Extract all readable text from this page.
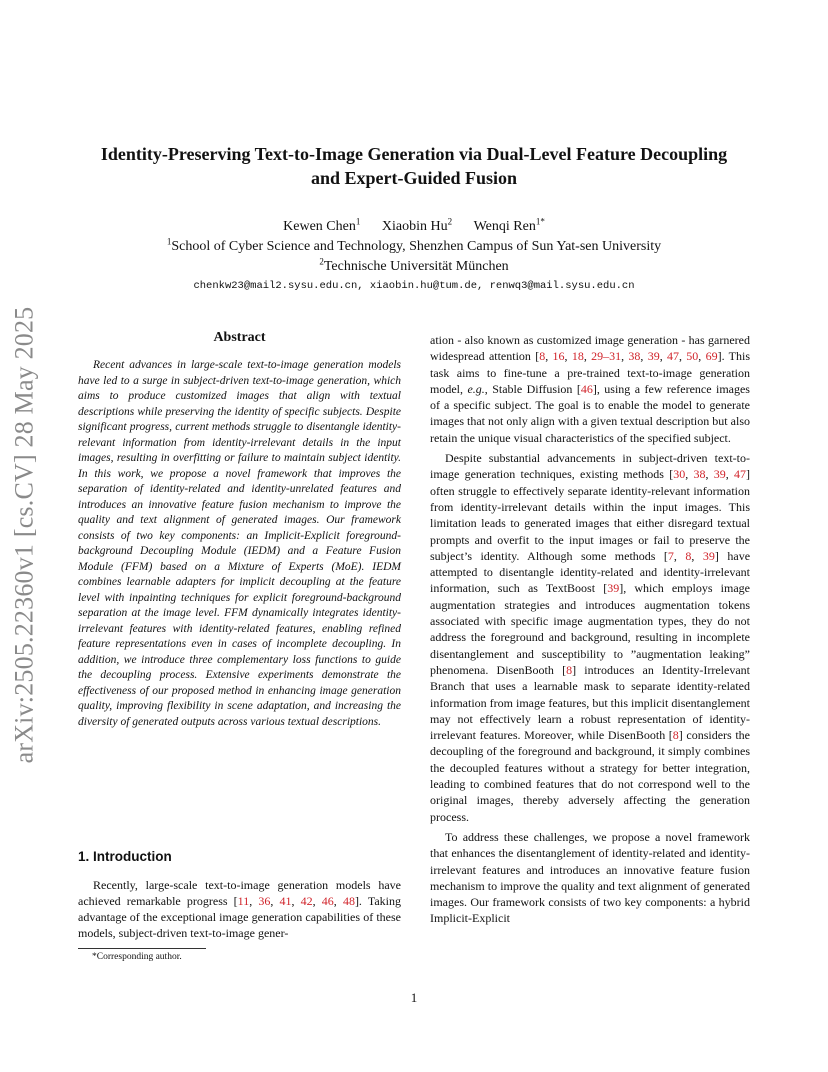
arXiv:2505.22360v1 [cs.CV] 28 May 2025
Identity-Preserving Text-to-Image Generation via Dual-Level Feature Decoupling and Expert-Guided Fusion
Kewen Chen$^1$ Xiaobin Hu$^2$ Wenqi Ren$^{1*}$
$^1$School of Cyber Science and Technology, Shenzhen Campus of Sun Yat-sen University
$^2$Technische Universität München
chenkw23@mail2.sysu.edu.cn, xiaobin.hu@tum.de, renwq3@mail.sysu.edu.cn
Abstract

Recent advances in large-scale text-to-image generation models have led to a surge in subject-driven text-to-image generation, which aims to produce customized images that align with textual descriptions while preserving the identity of specific subjects. Despite significant progress, current methods struggle to disentangle identity-relevant information from identity-irrelevant details in the input images, resulting in overfitting or failure to maintain subject identity. In this work, we propose a novel framework that improves the separation of identity-related and identity-unrelated features and introduces an innovative feature fusion mechanism to improve the quality and text alignment of generated images. Our framework consists of two key components: an Implicit-Explicit foreground-background Decoupling Module (IEDM) and a Feature Fusion Module (FFM) based on a Mixture of Experts (MoE). IEDM combines learnable adapters for implicit decoupling at the feature level with inpainting techniques for explicit foreground-background separation at the image level. FFM dynamically integrates identity-irrelevant features with identity-related features, enabling refined feature representations even in cases of incomplete decoupling. In addition, we introduce three complementary loss functions to guide the decoupling process. Extensive experiments demonstrate the effectiveness of our proposed method in enhancing image generation quality, improving flexibility in scene adaptation, and increasing the diversity of generated outputs across various textual descriptions.

1. Introduction

Recently, large-scale text-to-image generation models have achieved remarkable progress [11, 36, 41, 42, 46, 48]. Taking advantage of the exceptional image generation capabilities of these models, subject-driven text-to-image gener-

*Corresponding author.

ation - also known as customized image generation - has garnered widespread attention [8, 16, 18, 29–31, 38, 39, 47, 50, 69]. This task aims to fine-tune a pre-trained text-to-image generation model, e.g., Stable Diffusion [46], using a few reference images of a specific subject. The goal is to enable the model to generate images that not only align with a given textual description but also retain the unique visual characteristics of the specified subject.

Despite substantial advancements in subject-driven text-to-image generation techniques, existing methods [30, 38, 39, 47] often struggle to effectively separate identity-relevant information from identity-irrelevant details within the input images. This limitation leads to generated images that either disregard textual prompts and overfit to the input images or fail to preserve the subject’s identity. Although some methods [7, 8, 39] have attempted to disentangle identity-related and identity-irrelevant information, such as TextBoost [39], which employs image augmentation strategies and introduces augmentation tokens associated with specific image augmentation types, they do not address the foreground and background, resulting in incomplete disentanglement and susceptibility to ”augmentation leaking” phenomena. DisenBooth [8] introduces an Identity-Irrelevant Branch that uses a learnable mask to separate identity-related information from image features, but this implicit disentanglement may not effectively learn a robust representation of identity-irrelevant features. Moreover, while DisenBooth [8] considers the decoupling of the foreground and background, it simply combines the decoupled features without a strategy for better integration, leading to combined features that do not correspond well to the original images, thereby adversely affecting the generation process.

To address these challenges, we propose a novel framework that enhances the disentanglement of identity-related and identity-irrelevant features and introduces an innovative feature fusion mechanism to improve the quality and text alignment of generated images. Our framework consists of two key components: a hybrid Implicit-Explicit

1
